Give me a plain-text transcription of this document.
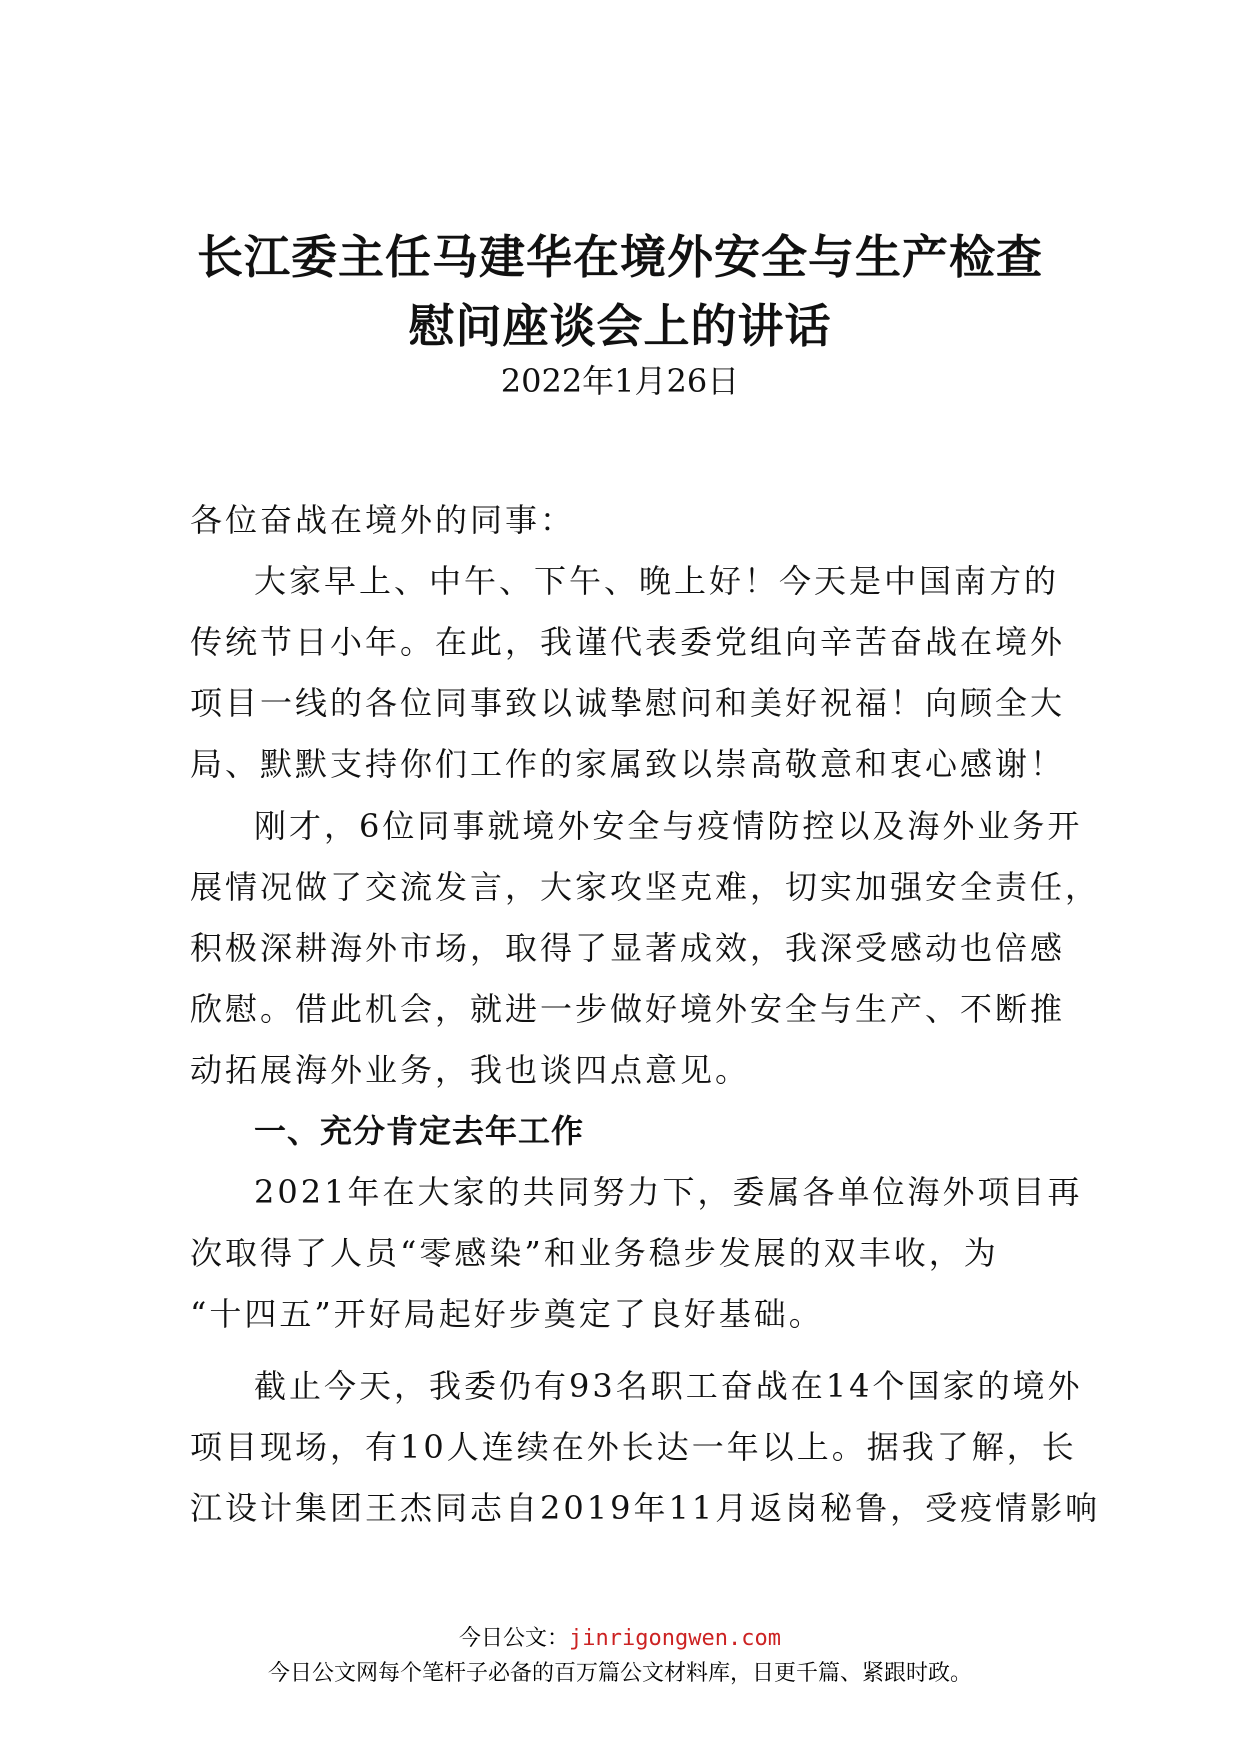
长江委主任马建华在境外安全与生产检查
慰问座谈会上的讲话
2022年1月26日
各位奋战在境外的同事：
大家早上、中午、下午、晚上好！今天是中国南方的
传统节日小年。在此，我谨代表委党组向辛苦奋战在境外
项目一线的各位同事致以诚挚慰问和美好祝福！向顾全大
局、默默支持你们工作的家属致以崇高敬意和衷心感谢！
刚才，6位同事就境外安全与疫情防控以及海外业务开
展情况做了交流发言，大家攻坚克难，切实加强安全责任，
积极深耕海外市场，取得了显著成效，我深受感动也倍感
欣慰。借此机会，就进一步做好境外安全与生产、不断推
动拓展海外业务，我也谈四点意见。
一、充分肯定去年工作
2021年在大家的共同努力下，委属各单位海外项目再
次取得了人员“零感染”和业务稳步发展的双丰收，为
“十四五”开好局起好步奠定了良好基础。
截止今天，我委仍有93名职工奋战在14个国家的境外
项目现场，有10人连续在外长达一年以上。据我了解，长
江设计集团王杰同志自2019年11月返岗秘鲁，受疫情影响
今日公文：jinrigongwen.com
今日公文网每个笔杆子必备的百万篇公文材料库，日更千篇、紧跟时政。
